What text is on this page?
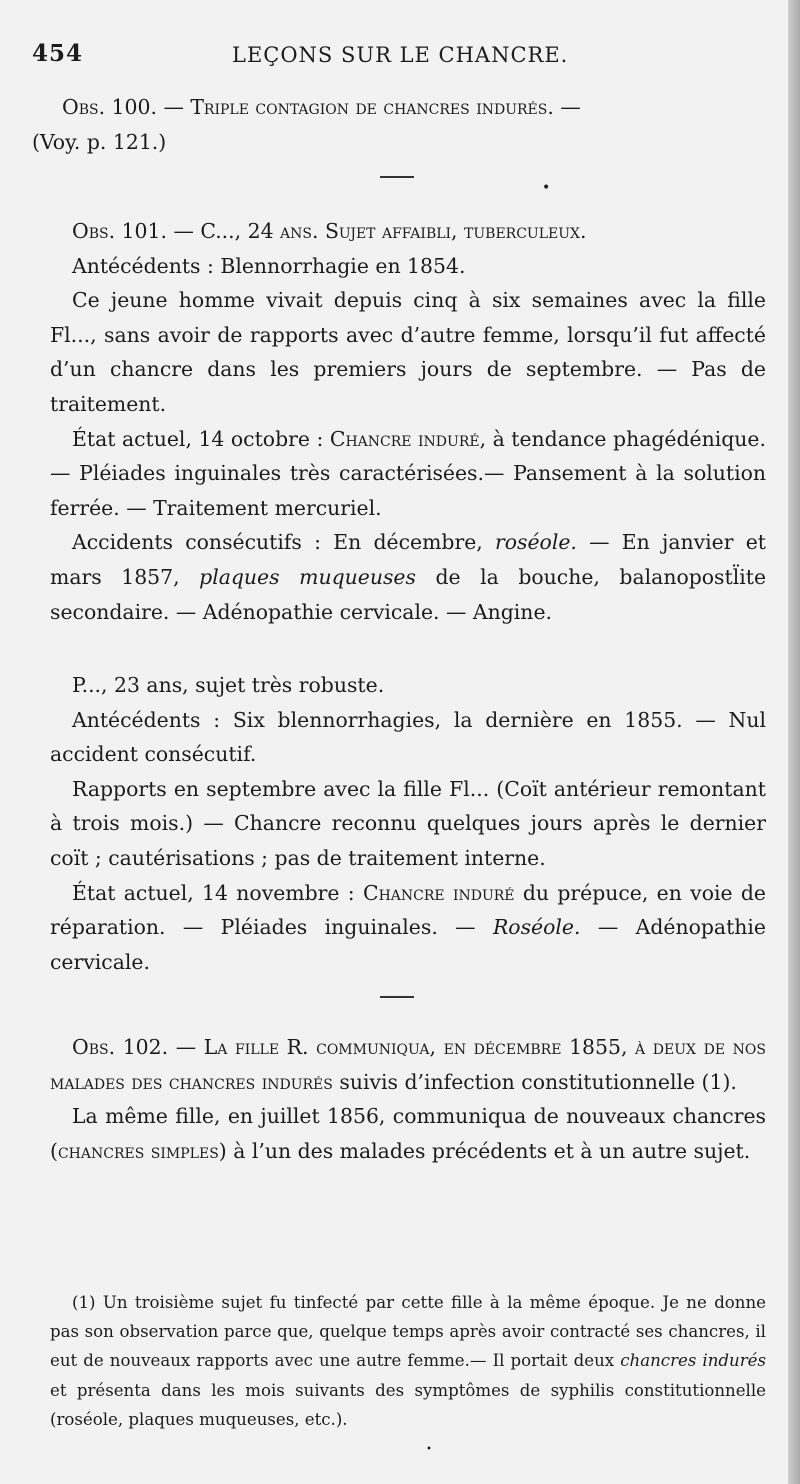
454	LEÇONS SUR LE CHANCRE.

Obs. 100. — Triple contagion de chancres indurés. —

(Voy. p. 121.)

•

Obs. 101. — C..., 24 ans. Sujet affaibli, tuberculeux.

Antécédents : Blennorrhagie en 1854.

Ce jeune homme vivait depuis cinq à six semaines avec la fille Fl..., sans avoir de rapports avec d’autre femme, lorsqu’il fut affecté d’un chancre dans les premiers jours de septembre. — Pas de traitement.

État actuel, 14 octobre : Chancre induré, à tendance phagédénique. — Pléiades inguinales très caractérisées.— Pansement à la solution ferrée. — Traitement mercuriel.

Accidents consécutifs : En décembre, roséole. — En janvier et mars 1857, plaques muqueuses de la bouche, balanopostl̈ite secondaire. — Adénopathie cervicale. — Angine.

P..., 23 ans, sujet très robuste.

Antécédents : Six blennorrhagies, la dernière en 1855. — Nul accident consécutif.

Rapports en septembre avec la fille Fl... (Coït antérieur remontant à trois mois.) — Chancre reconnu quelques jours après le dernier coït ; cautérisations ; pas de traitement interne.

État actuel, 14 novembre : Chancre induré du prépuce, en voie de réparation. — Pléiades inguinales. — Roséole. — Adénopathie cervicale.

Obs. 102. — La fille R. communiqua, en décembre 1855, à deux de nos malades des chancres indurés suivis d’infection constitutionnelle (1).

La même fille, en juillet 1856, communiqua de nouveaux chancres (chancres simples) à l’un des malades précédents et à un autre sujet.

(1) Un troisième sujet fu tinfecté par cette fille à la même époque. Je ne donne pas son observation parce que, quelque temps après avoir contracté ses chancres, il eut de nouveaux rapports avec une autre femme.— Il portait deux chancres indurés et présenta dans les mois suivants des symptômes de syphilis constitutionnelle (roséole, plaques muqueuses, etc.).

•
